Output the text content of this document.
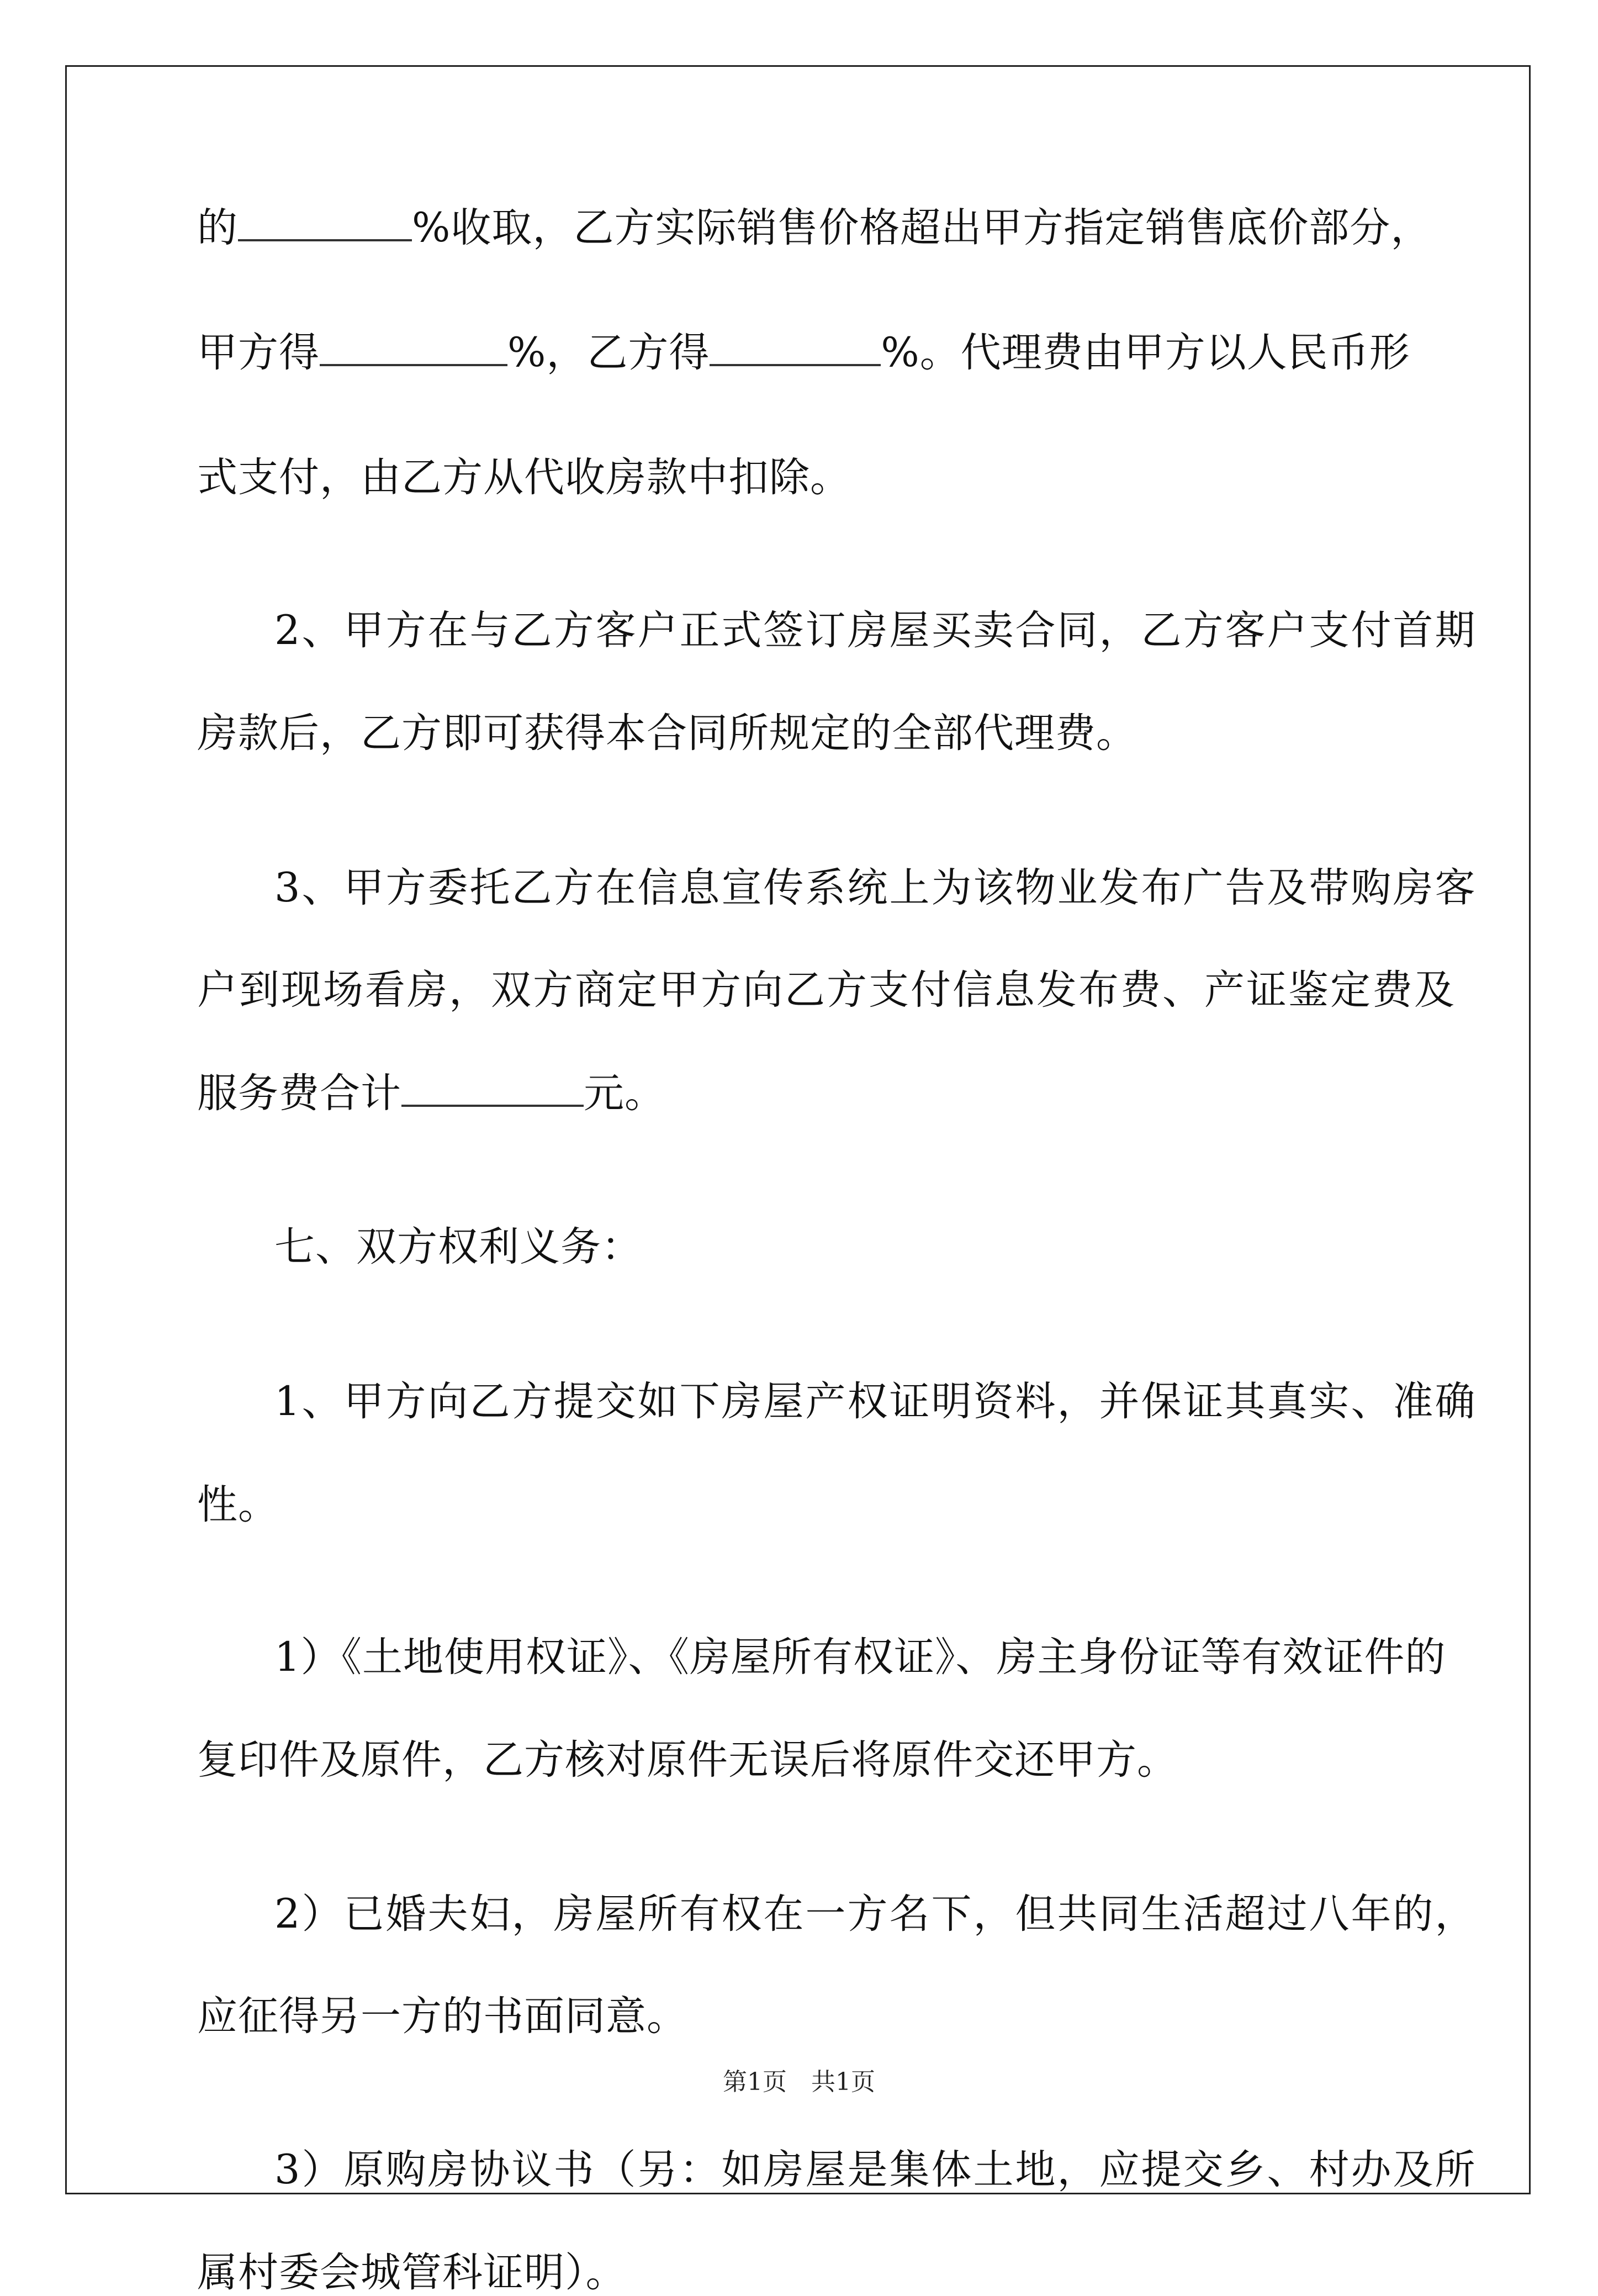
的	%收取，乙方实际销售价格超出甲方指定销售底价部分，
甲方得	%，乙方得	%。代理费由甲方以人民币形
式支付，由乙方从代收房款中扣除。
2、甲方在与乙方客户正式签订房屋买卖合同，乙方客户支付首期
房款后，乙方即可获得本合同所规定的全部代理费。
3、甲方委托乙方在信息宣传系统上为该物业发布广告及带购房客
户到现场看房，双方商定甲方向乙方支付信息发布费、产证鉴定费及
服务费合计	元。
七、双方权利义务：
1、甲方向乙方提交如下房屋产权证明资料，并保证其真实、准确
性。
1）《土地使用权证》、《房屋所有权证》、房主身份证等有效证件的
复印件及原件，乙方核对原件无误后将原件交还甲方。
2）已婚夫妇，房屋所有权在一方名下，但共同生活超过八年的，
应征得另一方的书面同意。
3）原购房协议书（另：如房屋是集体土地，应提交乡、村办及所
属村委会城管科证明）。
第1页　共1页
